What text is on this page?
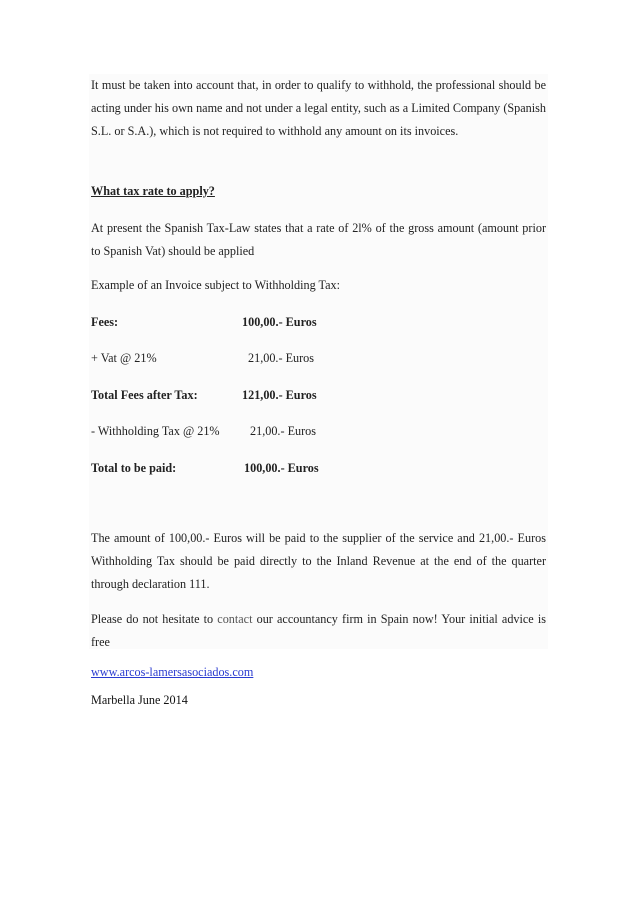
It must be taken into account that, in order to qualify to withhold, the professional should be acting under his own name and not under a legal entity, such as a Limited Company (Spanish S.L. or S.A.), which is not required to withhold any amount on its invoices.

What tax rate to apply?

At present the Spanish Tax-Law states that a rate of 2l% of the gross amount (amount prior to Spanish Vat) should be applied

Example of an Invoice subject to Withholding Tax:
Fees:	100,00.- Euros
+ Vat @ 21%	21,00.- Euros
Total Fees after Tax:	121,00.- Euros
- Withholding Tax @ 21% 21,00.- Euros
Total to be paid:	100,00.- Euros

The amount of 100,00.- Euros will be paid to the supplier of the service and 21,00.- Euros Withholding Tax should be paid directly to the Inland Revenue at the end of the quarter through declaration 111.

Please do not hesitate to contact our accountancy firm in Spain now! Your initial advice is free

www.arcos-lamersasociados.com
Marbella June 2014
